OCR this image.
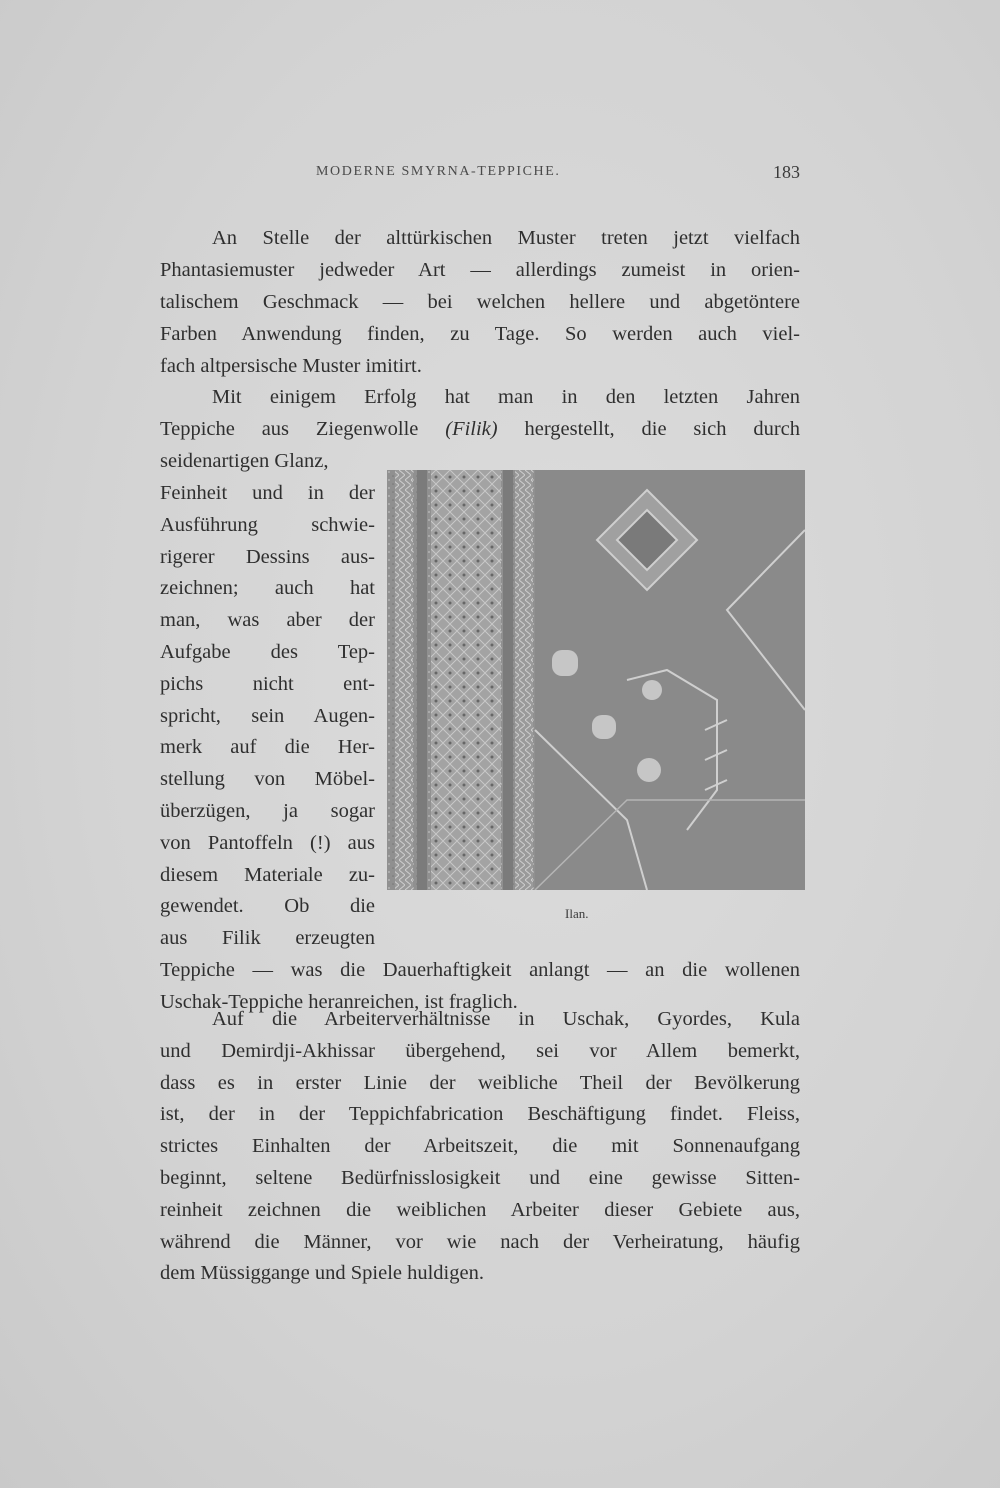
MODERNE SMYRNA-TEPPICHE.	183
An Stelle der alttürkischen Muster treten jetzt vielfach
Phantasiemuster jedweder Art — allerdings zumeist in orien-
talischem Geschmack — bei welchen hellere und abgetöntere
Farben Anwendung finden, zu Tage. So werden auch viel-
fach altpersische Muster imitirt.
Mit einigem Erfolg hat man in den letzten Jahren
Teppiche aus Ziegenwolle (Filik) hergestellt, die sich durch
seidenartigen Glanz,
Feinheit und in der
Ausführung schwie-
rigerer Dessins aus-
zeichnen; auch hat
man, was aber der
Aufgabe des Tep-
pichs nicht ent-
spricht, sein Augen-
merk auf die Her-
stellung von Möbel-
überzügen, ja sogar
von Pantoffeln (!) aus
diesem Materiale zu-
gewendet. Ob die
aus Filik erzeugten
Teppiche — was die Dauerhaftigkeit anlangt — an die wollenen
Uschak-Teppiche heranreichen, ist fraglich.
Ilan.
Auf die Arbeiterverhältnisse in Uschak, Gyordes, Kula
und Demirdji-Akhissar übergehend, sei vor Allem bemerkt,
dass es in erster Linie der weibliche Theil der Bevölkerung
ist, der in der Teppichfabrication Beschäftigung findet. Fleiss,
strictes Einhalten der Arbeitszeit, die mit Sonnenaufgang
beginnt, seltene Bedürfnisslosigkeit und eine gewisse Sitten-
reinheit zeichnen die weiblichen Arbeiter dieser Gebiete aus,
während die Männer, vor wie nach der Verheiratung, häufig
dem Müssiggange und Spiele huldigen.
